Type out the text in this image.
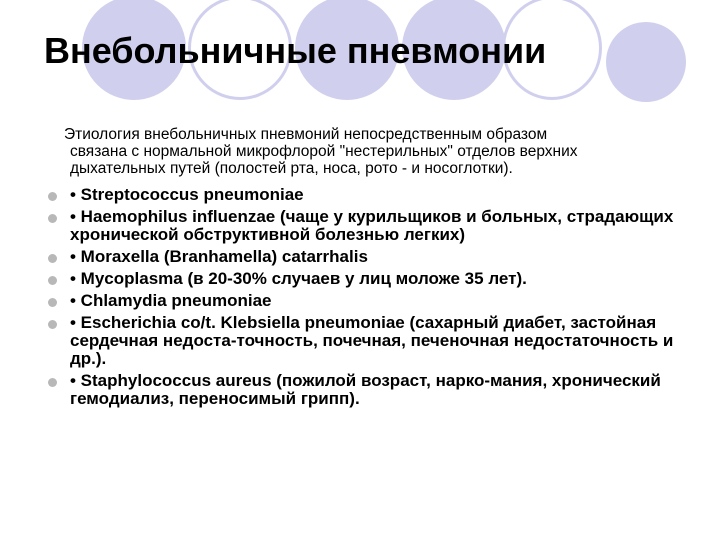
Внебольничные пневмонии
Этиология внебольничных пневмоний непосредственным образом
связана с нормальной микрофлорой "нестерильных" отделов верхних дыхательных путей (полостей рта, носа, рото - и носоглотки).
• Streptococcus pneumoniae
• Haemophilus influenzae (чаще у курильщиков и больных, страдающих хронической обструктивной болезнью легких)
• Moraxella (Branhamella) catarrhalis
• Mycoplasma (в 20-30% случаев у лиц моложе 35 лет).
• Chlamydia pneumoniae
• Escherichia co/t. Klebsiella pneumoniae (сахарный диабет, застойная сердечная недоста-точность, почечная, печеночная недостаточность и др.).
• Staphylococcus aureus (пожилой возраст, нарко-мания, хронический гемодиализ, переносимый грипп).
